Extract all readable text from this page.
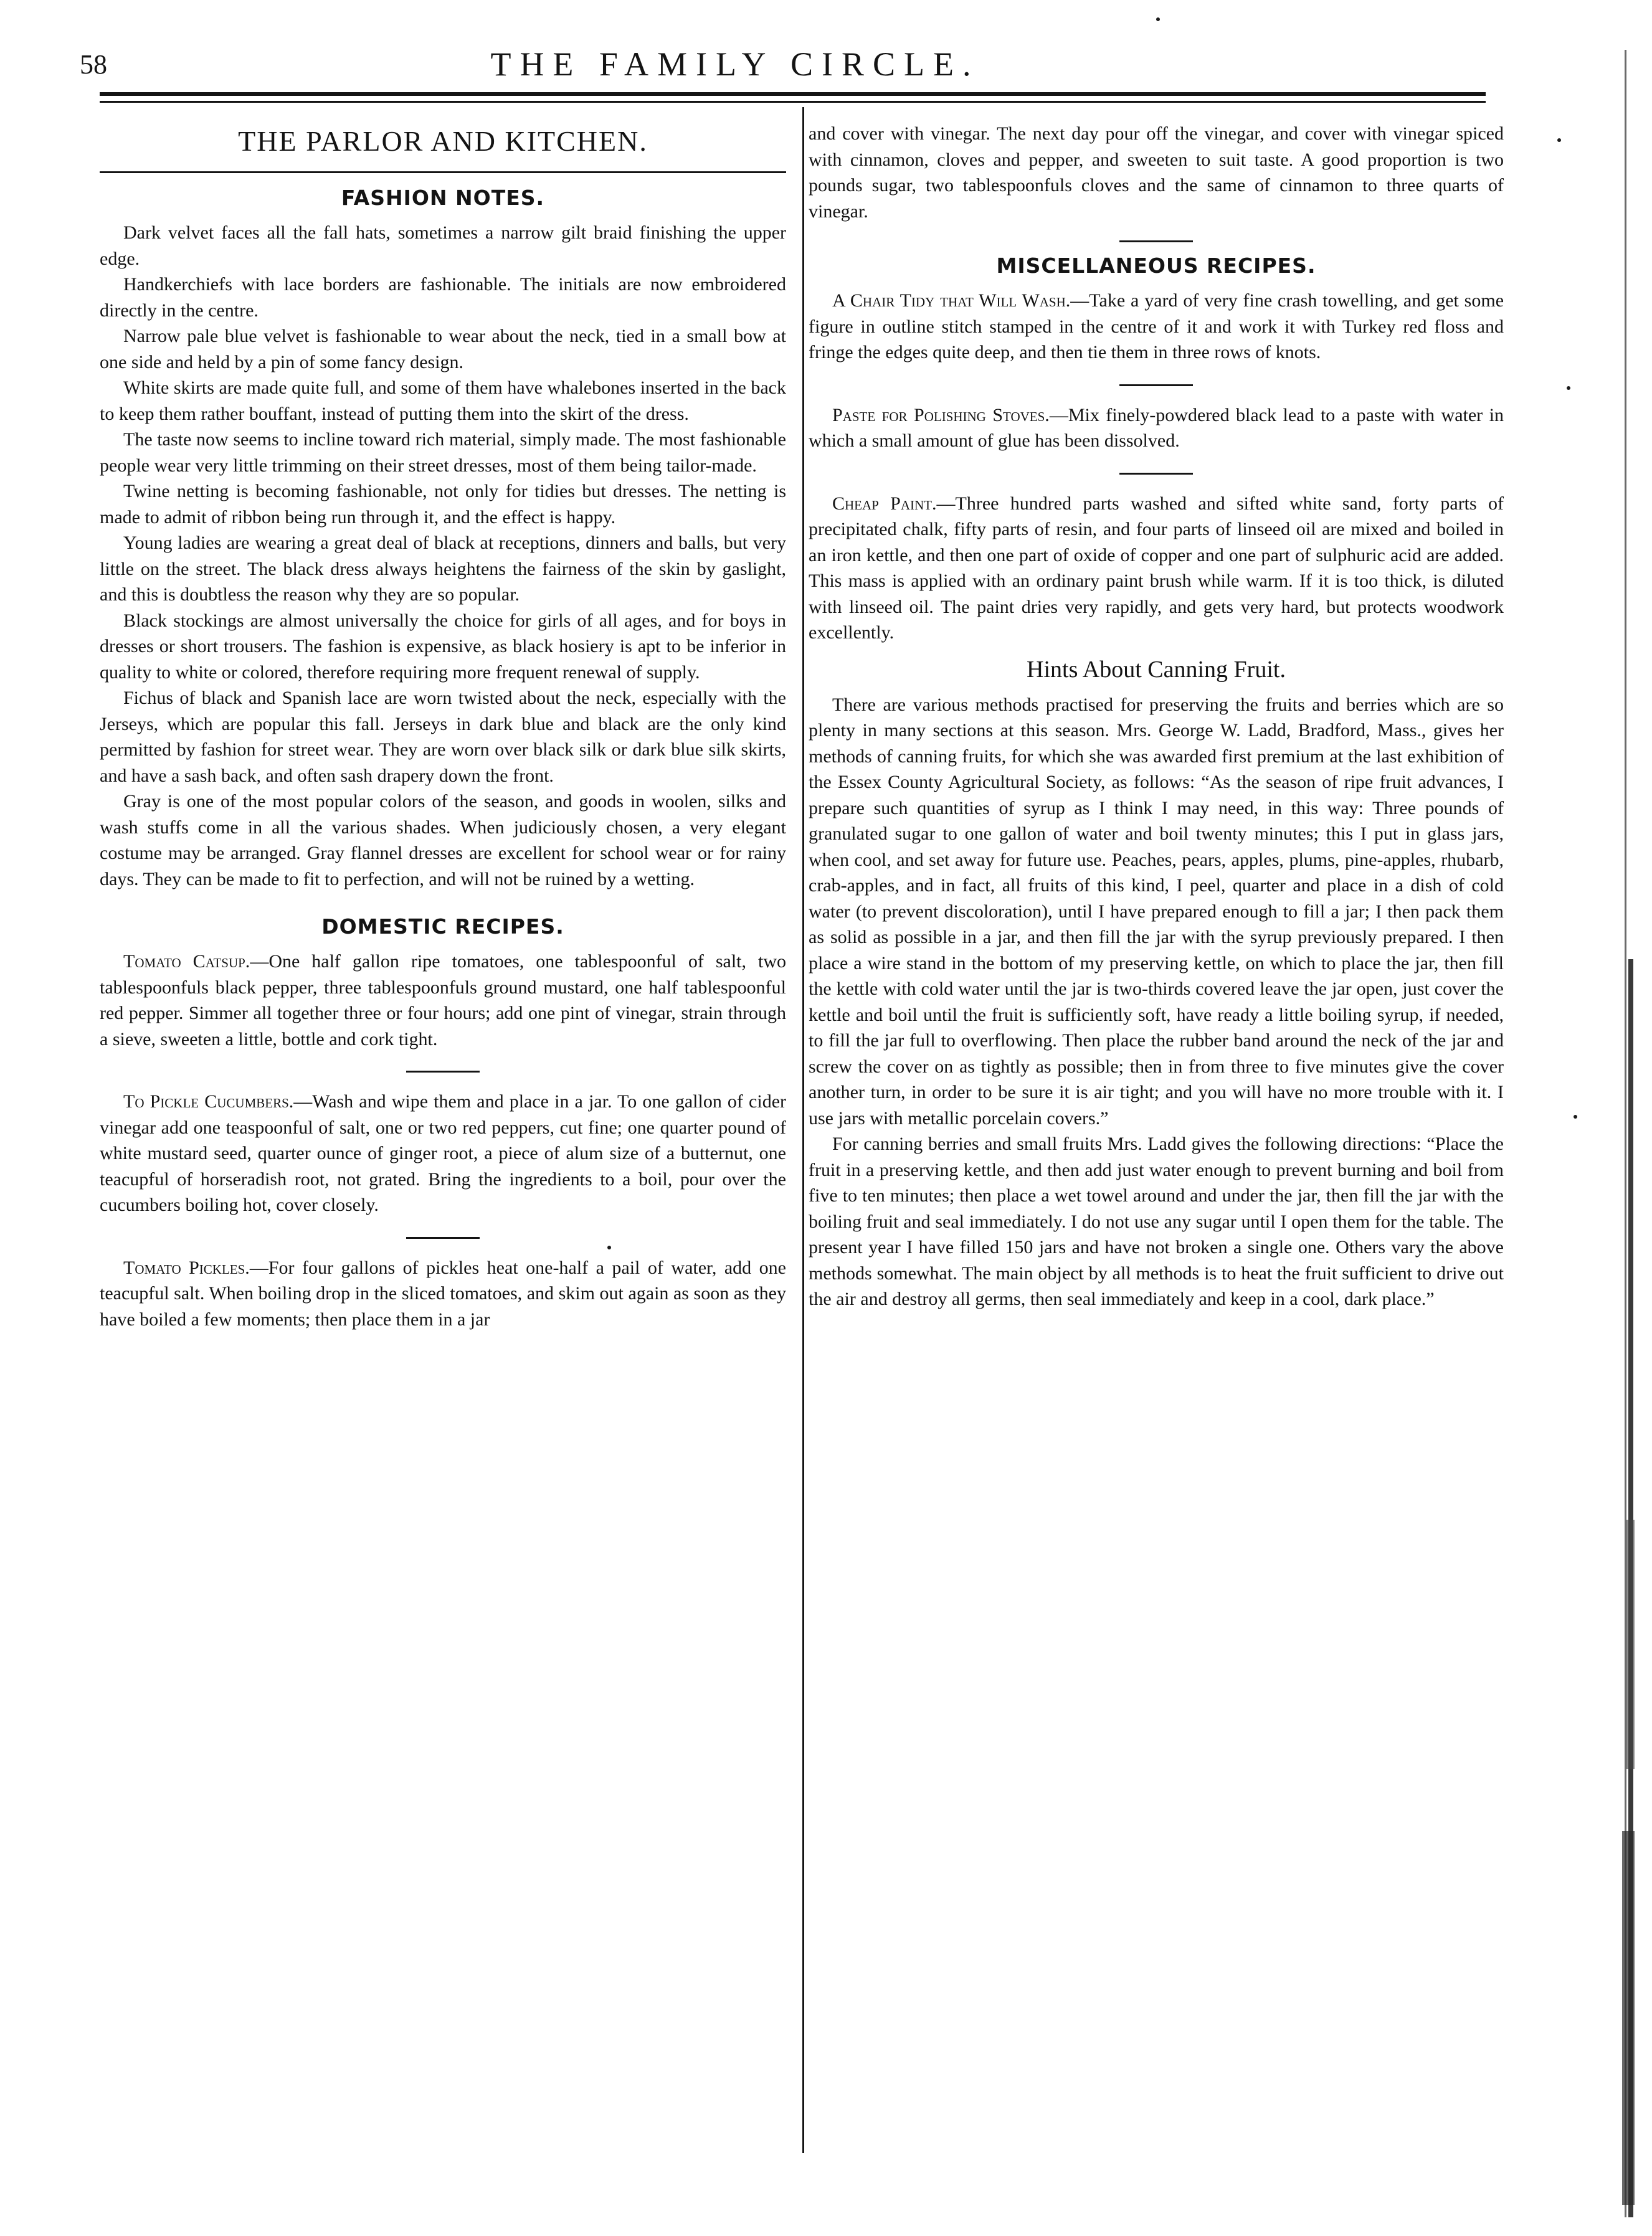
58	THE FAMILY CIRCLE.
THE PARLOR AND KITCHEN.
FASHION NOTES.

Dark velvet faces all the fall hats, sometimes a narrow gilt braid finishing the upper edge.

Handkerchiefs with lace borders are fashionable. The initials are now embroidered directly in the centre.

Narrow pale blue velvet is fashionable to wear about the neck, tied in a small bow at one side and held by a pin of some fancy design.

White skirts are made quite full, and some of them have whalebones inserted in the back to keep them rather bouffant, instead of putting them into the skirt of the dress.

The taste now seems to incline toward rich material, simply made. The most fashionable people wear very little trimming on their street dresses, most of them being tailor-made.

Twine netting is becoming fashionable, not only for tidies but dresses. The netting is made to admit of ribbon being run through it, and the effect is happy.

Young ladies are wearing a great deal of black at receptions, dinners and balls, but very little on the street. The black dress always heightens the fairness of the skin by gaslight, and this is doubtless the reason why they are so popular.

Black stockings are almost universally the choice for girls of all ages, and for boys in dresses or short trousers. The fashion is expensive, as black hosiery is apt to be inferior in quality to white or colored, therefore requiring more frequent renewal of supply.

Fichus of black and Spanish lace are worn twisted about the neck, especially with the Jerseys, which are popular this fall. Jerseys in dark blue and black are the only kind permitted by fashion for street wear. They are worn over black silk or dark blue silk skirts, and have a sash back, and often sash drapery down the front.

Gray is one of the most popular colors of the season, and goods in woolen, silks and wash stuffs come in all the various shades. When judiciously chosen, a very elegant costume may be arranged. Gray flannel dresses are excellent for school wear or for rainy days. They can be made to fit to perfection, and will not be ruined by a wetting.

DOMESTIC RECIPES.

Tomato Catsup.—One half gallon ripe tomatoes, one tablespoonful of salt, two tablespoonfuls black pepper, three tablespoonfuls ground mustard, one half tablespoonful red pepper. Simmer all together three or four hours; add one pint of vinegar, strain through a sieve, sweeten a little, bottle and cork tight.

To Pickle Cucumbers.—Wash and wipe them and place in a jar. To one gallon of cider vinegar add one teaspoonful of salt, one or two red peppers, cut fine; one quarter pound of white mustard seed, quarter ounce of ginger root, a piece of alum size of a butternut, one teacupful of horseradish root, not grated. Bring the ingredients to a boil, pour over the cucumbers boiling hot, cover closely.

Tomato Pickles.—For four gallons of pickles heat one-half a pail of water, add one teacupful salt. When boiling drop in the sliced tomatoes, and skim out again as soon as they have boiled a few moments; then place them in a jar

and cover with vinegar. The next day pour off the vinegar, and cover with vinegar spiced with cinnamon, cloves and pepper, and sweeten to suit taste. A good proportion is two pounds sugar, two tablespoonfuls cloves and the same of cinnamon to three quarts of vinegar.

MISCELLANEOUS RECIPES.

A Chair Tidy that Will Wash.—Take a yard of very fine crash towelling, and get some figure in outline stitch stamped in the centre of it and work it with Turkey red floss and fringe the edges quite deep, and then tie them in three rows of knots.

Paste for Polishing Stoves.—Mix finely-powdered black lead to a paste with water in which a small amount of glue has been dissolved.

Cheap Paint.—Three hundred parts washed and sifted white sand, forty parts of precipitated chalk, fifty parts of resin, and four parts of linseed oil are mixed and boiled in an iron kettle, and then one part of oxide of copper and one part of sulphuric acid are added. This mass is applied with an ordinary paint brush while warm. If it is too thick, is diluted with linseed oil. The paint dries very rapidly, and gets very hard, but protects woodwork excellently.

Hints About Canning Fruit.

There are various methods practised for preserving the fruits and berries which are so plenty in many sections at this season. Mrs. George W. Ladd, Bradford, Mass., gives her methods of canning fruits, for which she was awarded first premium at the last exhibition of the Essex County Agricultural Society, as follows: “As the season of ripe fruit advances, I prepare such quantities of syrup as I think I may need, in this way: Three pounds of granulated sugar to one gallon of water and boil twenty minutes; this I put in glass jars, when cool, and set away for future use. Peaches, pears, apples, plums, pine-apples, rhubarb, crab-apples, and in fact, all fruits of this kind, I peel, quarter and place in a dish of cold water (to prevent discoloration), until I have prepared enough to fill a jar; I then pack them as solid as possible in a jar, and then fill the jar with the syrup previously prepared. I then place a wire stand in the bottom of my preserving kettle, on which to place the jar, then fill the kettle with cold water until the jar is two-thirds covered leave the jar open, just cover the kettle and boil until the fruit is sufficiently soft, have ready a little boiling syrup, if needed, to fill the jar full to overflowing. Then place the rubber band around the neck of the jar and screw the cover on as tightly as possible; then in from three to five minutes give the cover another turn, in order to be sure it is air tight; and you will have no more trouble with it. I use jars with metallic porcelain covers.”

For canning berries and small fruits Mrs. Ladd gives the following directions: “Place the fruit in a preserving kettle, and then add just water enough to prevent burning and boil from five to ten minutes; then place a wet towel around and under the jar, then fill the jar with the boiling fruit and seal immediately. I do not use any sugar until I open them for the table. The present year I have filled 150 jars and have not broken a single one. Others vary the above methods somewhat. The main object by all methods is to heat the fruit sufficient to drive out the air and destroy all germs, then seal immediately and keep in a cool, dark place.”
